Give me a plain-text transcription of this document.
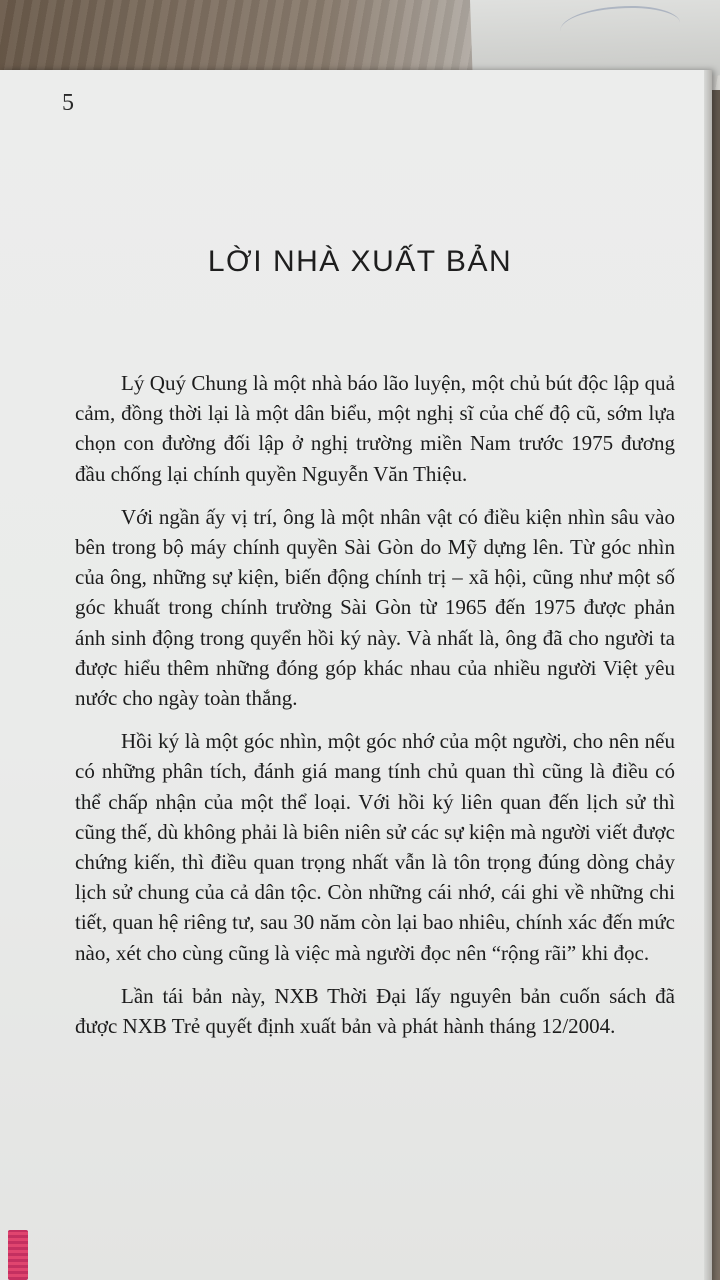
5
LỜI NHÀ XUẤT BẢN

Lý Quý Chung là một nhà báo lão luyện, một chủ bút độc lập quả cảm, đồng thời lại là một dân biểu, một nghị sĩ của chế độ cũ, sớm lựa chọn con đường đối lập ở nghị trường miền Nam trước 1975 đương đầu chống lại chính quyền Nguyễn Văn Thiệu.

Với ngần ấy vị trí, ông là một nhân vật có điều kiện nhìn sâu vào bên trong bộ máy chính quyền Sài Gòn do Mỹ dựng lên. Từ góc nhìn của ông, những sự kiện, biến động chính trị – xã hội, cũng như một số góc khuất trong chính trường Sài Gòn từ 1965 đến 1975 được phản ánh sinh động trong quyển hồi ký này. Và nhất là, ông đã cho người ta được hiểu thêm những đóng góp khác nhau của nhiều người Việt yêu nước cho ngày toàn thắng.

Hồi ký là một góc nhìn, một góc nhớ của một người, cho nên nếu có những phân tích, đánh giá mang tính chủ quan thì cũng là điều có thể chấp nhận của một thể loại. Với hồi ký liên quan đến lịch sử thì cũng thế, dù không phải là biên niên sử các sự kiện mà người viết được chứng kiến, thì điều quan trọng nhất vẫn là tôn trọng đúng dòng chảy lịch sử chung của cả dân tộc. Còn những cái nhớ, cái ghi về những chi tiết, quan hệ riêng tư, sau 30 năm còn lại bao nhiêu, chính xác đến mức nào, xét cho cùng cũng là việc mà người đọc nên “rộng rãi” khi đọc.

Lần tái bản này, NXB Thời Đại lấy nguyên bản cuốn sách đã được NXB Trẻ quyết định xuất bản và phát hành tháng 12/2004.
